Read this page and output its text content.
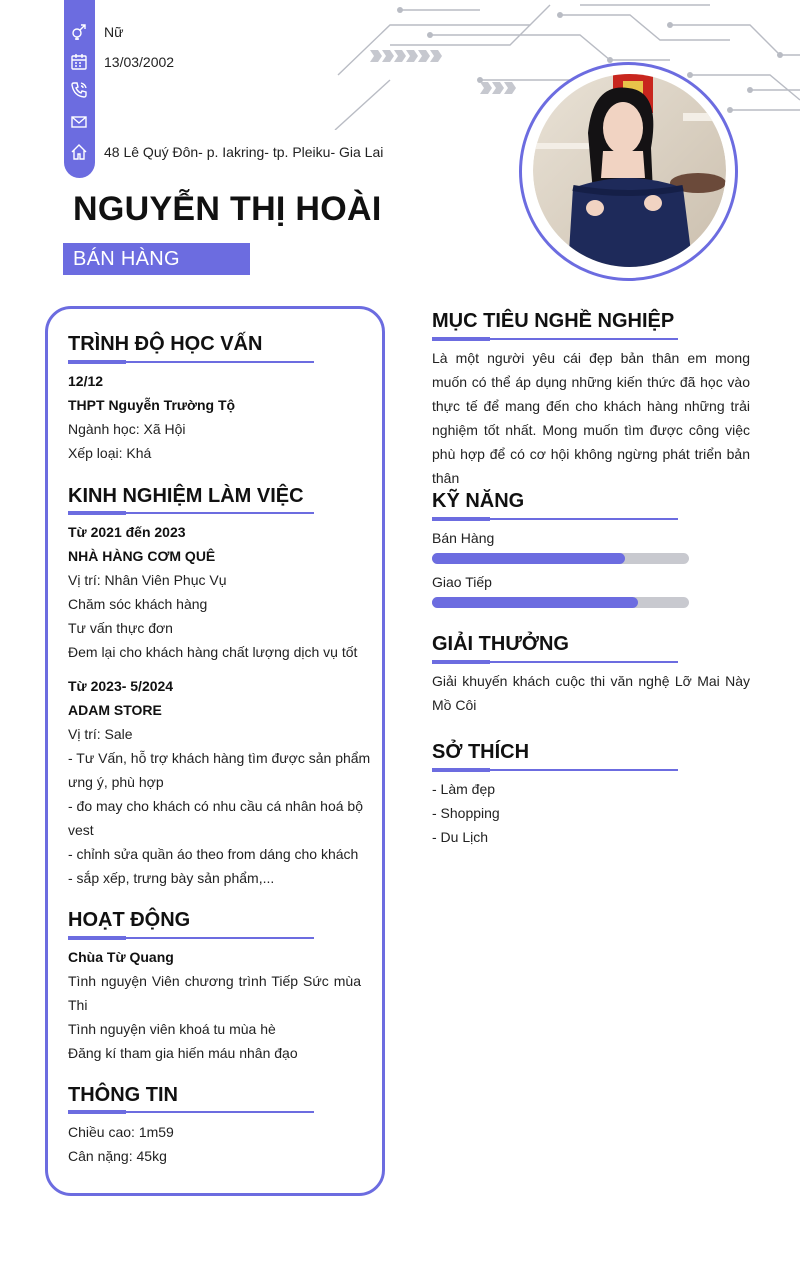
Nữ
13/03/2002
48 Lê Quý Đôn- p. Iakring- tp. Pleiku- Gia Lai
NGUYỄN THỊ HOÀI
BÁN HÀNG
TRÌNH ĐỘ HỌC VẤN
12/12
THPT Nguyễn Trường Tộ
Ngành học: Xã Hội
Xếp loại: Khá
KINH NGHIỆM LÀM VIỆC
Từ 2021 đến 2023
NHÀ HÀNG CƠM QUÊ
Vị trí: Nhân Viên Phục Vụ
Chăm sóc khách hàng
Tư vấn thực đơn
Đem lại cho khách hàng chất lượng dịch vụ tốt
Từ 2023- 5/2024
ADAM STORE
Vị trí: Sale
- Tư Vấn, hỗ trợ khách hàng tìm được sản phẩm
ưng ý, phù hợp
- đo may cho khách có nhu cầu cá nhân hoá bộ
vest
- chỉnh sửa quần áo theo from dáng cho khách
- sắp xếp, trưng bày sản phẩm,...
HOẠT ĐỘNG
Chùa Từ Quang
Tình nguyện Viên chương trình Tiếp Sức mùa Thi
Tình nguyện viên khoá tu mùa hè
Đăng kí tham gia hiến máu nhân đạo
THÔNG TIN
Chiều cao: 1m59
Cân nặng: 45kg
MỤC TIÊU NGHỀ NGHIỆP
Là một người yêu cái đẹp bản thân em mong muốn có thể áp dụng những kiến thức đã học vào thực tế để mang đến cho khách hàng những trải nghiệm tốt nhất. Mong muốn tìm được công việc phù hợp để có cơ hội không ngừng phát triển bản thân
KỸ NĂNG
Bán Hàng
Giao Tiếp
GIẢI THƯỞNG
Giải khuyến khách cuộc thi văn nghệ Lỡ Mai Này Mồ Côi
SỞ THÍCH
- Làm đẹp
- Shopping
- Du Lịch
